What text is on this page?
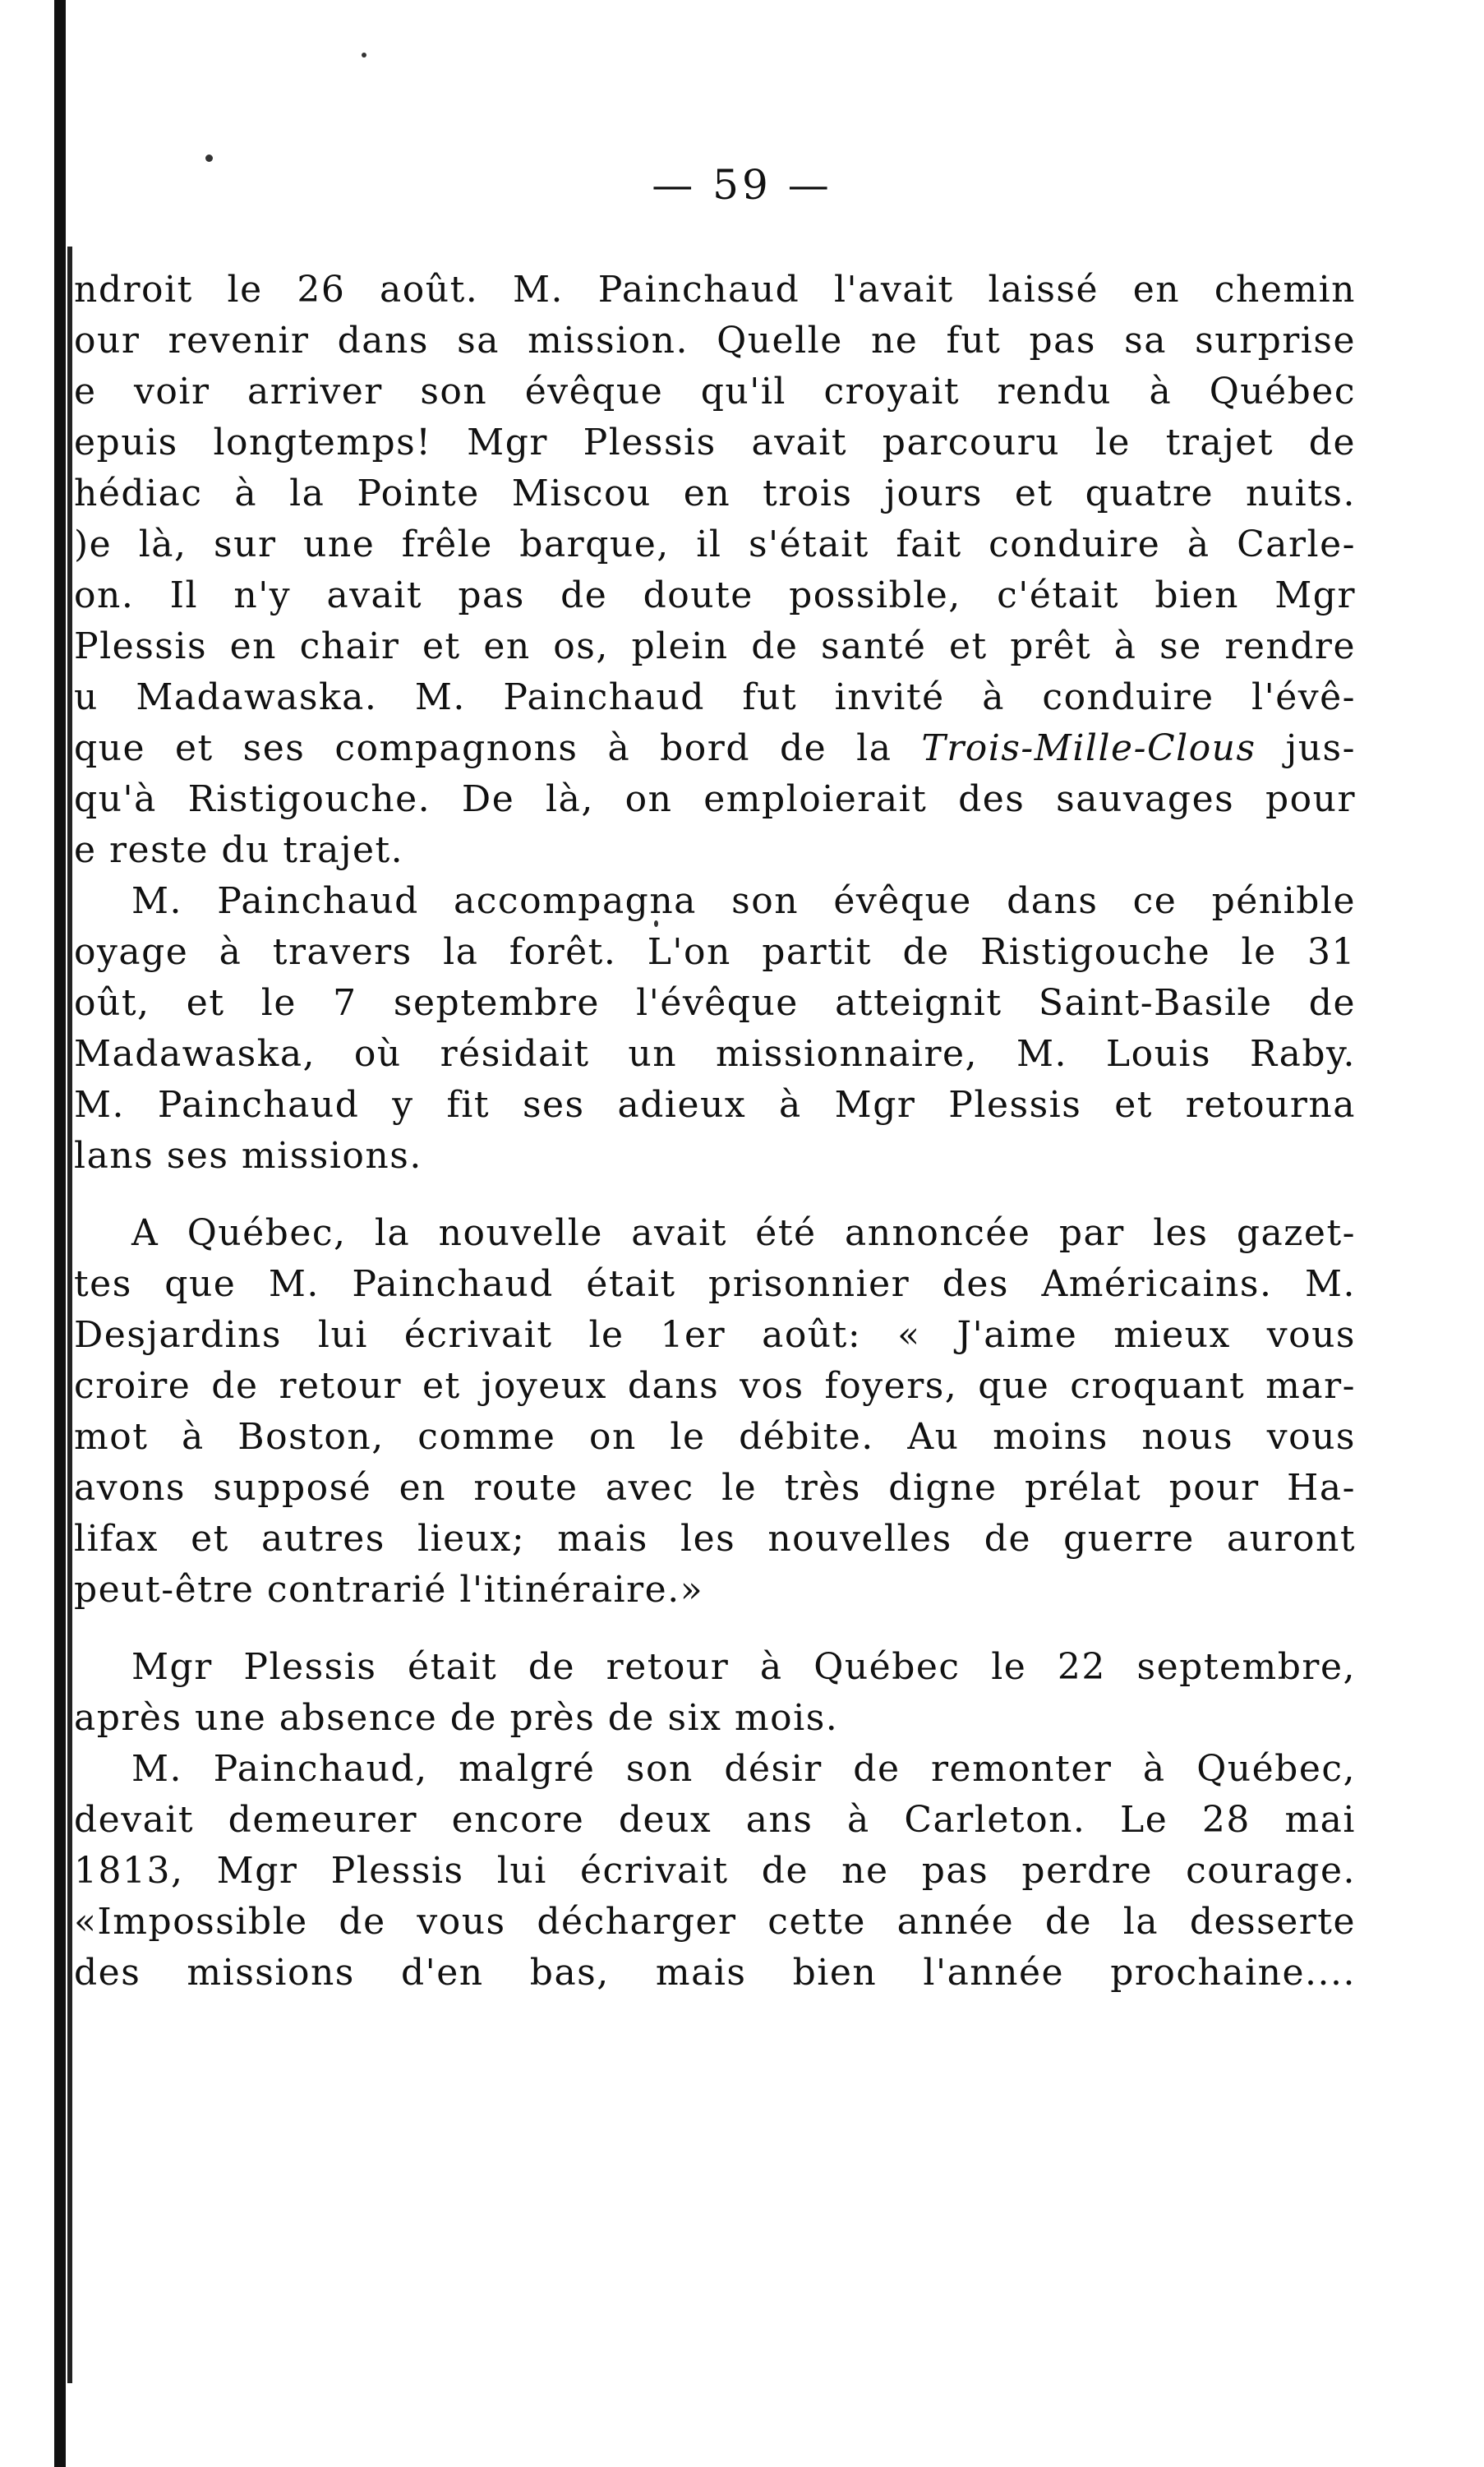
— 59 —
ndroit le 26 août. M. Painchaud l'avait laissé en chemin
our revenir dans sa mission. Quelle ne fut pas sa surprise
e voir arriver son évêque qu'il croyait rendu à Québec
epuis longtemps! Mgr Plessis avait parcouru le trajet de
hédiac à la Pointe Miscou en trois jours et quatre nuits.
)e là, sur une frêle barque, il s'était fait conduire à Carle-
on. Il n'y avait pas de doute possible, c'était bien Mgr
Plessis en chair et en os, plein de santé et prêt à se rendre
u Madawaska. M. Painchaud fut invité à conduire l'évê-
que et ses compagnons à bord de la Trois-Mille-Clous jus-
qu'à Ristigouche. De là, on emploierait des sauvages pour
e reste du trajet.
M. Painchaud accompagna son évêque dans ce pénible
oyage à travers la forêt. L'on partit de Ristigouche le 31
oût, et le 7 septembre l'évêque atteignit Saint-Basile de
Madawaska, où résidait un missionnaire, M. Louis Raby.
M. Painchaud y fit ses adieux à Mgr Plessis et retourna
lans ses missions.
A Québec, la nouvelle avait été annoncée par les gazet-
tes que M. Painchaud était prisonnier des Américains. M.
Desjardins lui écrivait le 1er août: « J'aime mieux vous
croire de retour et joyeux dans vos foyers, que croquant mar-
mot à Boston, comme on le débite. Au moins nous vous
avons supposé en route avec le très digne prélat pour Ha-
lifax et autres lieux; mais les nouvelles de guerre auront
peut-être contrarié l'itinéraire.»
Mgr Plessis était de retour à Québec le 22 septembre,
après une absence de près de six mois.
M. Painchaud, malgré son désir de remonter à Québec,
devait demeurer encore deux ans à Carleton. Le 28 mai
1813, Mgr Plessis lui écrivait de ne pas perdre courage.
«Impossible de vous décharger cette année de la desserte
des missions d'en bas, mais bien l'année prochaine....
